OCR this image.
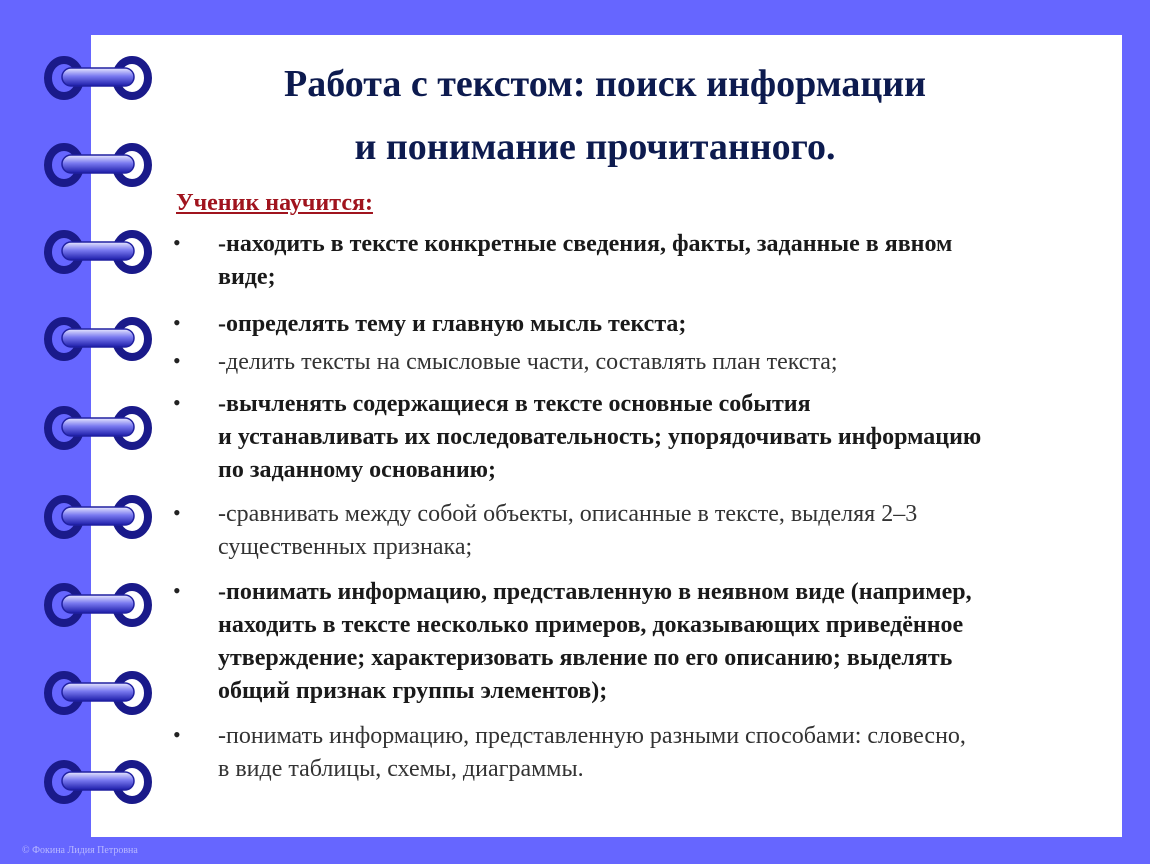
Работа с текстом: поиск информации
и понимание прочитанного.
Ученик научится:
• -находить в тексте конкретные сведения, факты, заданные в явном
виде;
• -определять тему и главную мысль текста;
• -делить тексты на смысловые части, составлять план текста;
• -вычленять содержащиеся в тексте основные события
и устанавливать их последовательность; упорядочивать информацию
по заданному основанию;
• -сравнивать между собой объекты, описанные в тексте, выделяя 2–3
существенных признака;
• -понимать информацию, представленную в неявном виде (например,
находить в тексте несколько примеров, доказывающих приведённое
утверждение; характеризовать явление по его описанию; выделять
общий признак группы элементов);
• -понимать информацию, представленную разными способами: словесно,
в виде таблицы, схемы, диаграммы.
© Фокина Лидия Петровна
